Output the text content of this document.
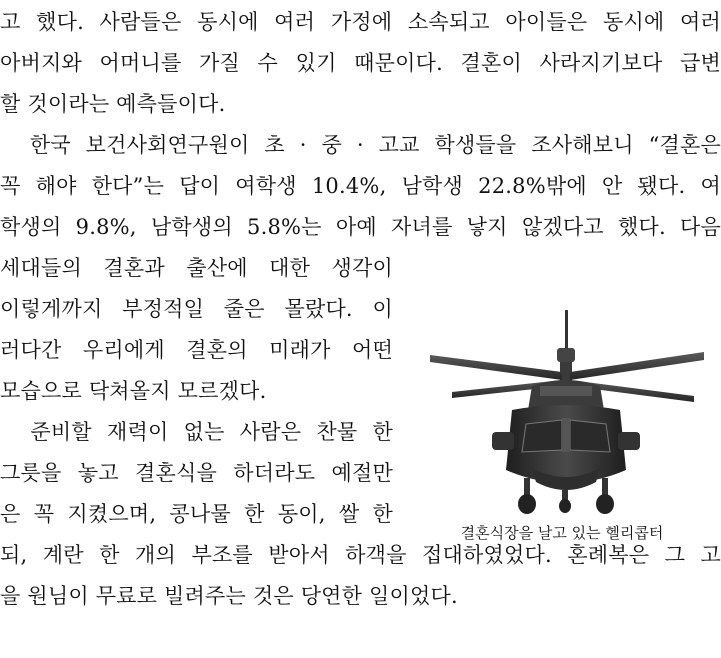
고 했다. 사람들은 동시에 여러 가정에 소속되고 아이들은 동시에 여러
아버지와 어머니를 가질 수 있기 때문이다. 결혼이 사라지기보다 급변
할 것이라는 예측들이다.
한국 보건사회연구원이 초 · 중 · 고교 학생들을 조사해보니 “결혼은
꼭 해야 한다”는 답이 여학생 10.4%, 남학생 22.8%밖에 안 됐다. 여
학생의 9.8%, 남학생의 5.8%는 아예 자녀를 낳지 않겠다고 했다. 다음
세대들의 결혼과 출산에 대한 생각이
이렇게까지 부정적일 줄은 몰랐다. 이
러다간 우리에게 결혼의 미래가 어떤
모습으로 닥쳐올지 모르겠다.
준비할 재력이 없는 사람은 찬물 한
그릇을 놓고 결혼식을 하더라도 예절만
은 꼭 지켰으며, 콩나물 한 동이, 쌀 한
되, 계란 한 개의 부조를 받아서 하객을 접대하였었다. 혼례복은 그 고
을 원님이 무료로 빌려주는 것은 당연한 일이었다.
결혼식장을 날고 있는 헬리콥터
